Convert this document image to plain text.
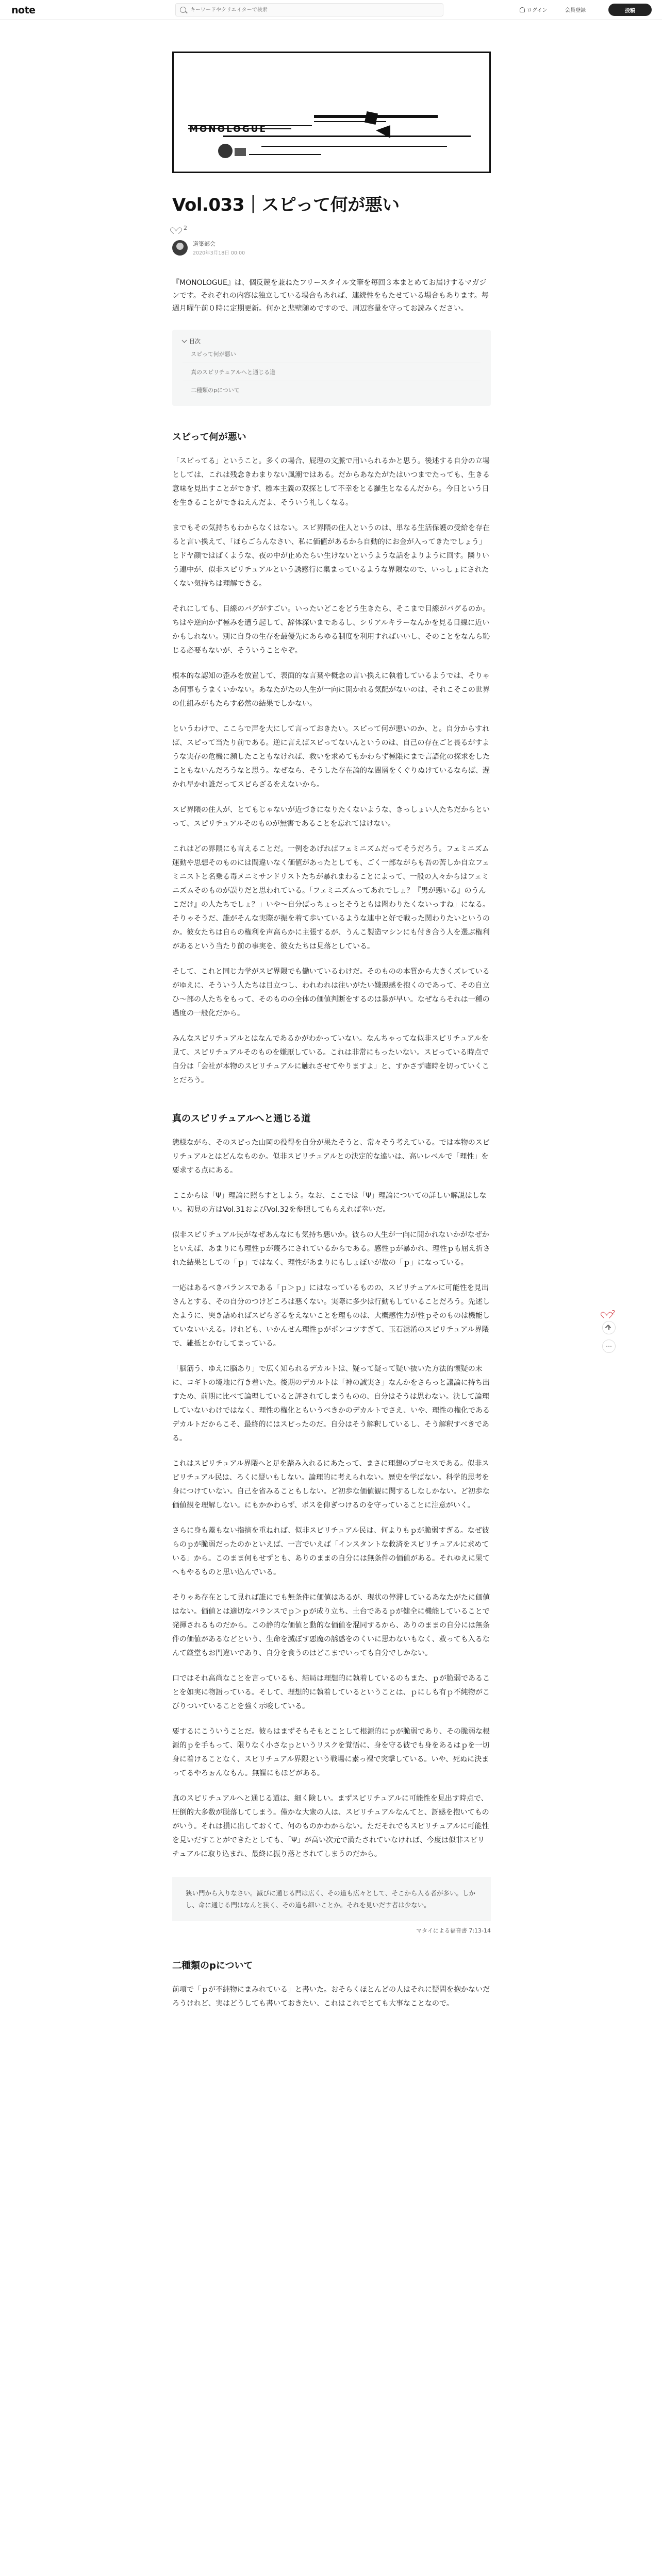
note
キーワードやクリエイターで検索	ログイン	会員登録	投稿
MONOLOGUE
Vol.033｜スピって何が悪い
2
道築部会
2020年3月18日 00:00

『MONOLOGUE』は、個反競を兼ねたフリースタイル文筆を毎回３本まとめてお届けするマガジンです。それぞれの内容は独立している場合もあれば、連続性をもたせている場合もあります。毎週月曜午前０時に定期更新。何かと悲壁随めですので、周辺容量を守ってお読みください。

目次
スピって何が悪い
真のスピリチュアルへと通じる道
二種類のpについて
スピって何が悪い

「スピってる」ということ。多くの場合、屁理の文脈で用いられるかと思う。後述する自分の立場としては、これは残念きわまりない風潮ではある。だからあなたがたはいつまでたっても、生きる意味を見出すことができず、標本主義の双探として不幸をとる羅生となるんだから。今日という日を生きることができねえんだよ、そういう礼しくなる。

までもその気持ちもわからなくはない。スピ界隈の住人というのは、単なる生活保護の受給を存在ると言い換えて、「ほらごらんなさい、私に価値があるから自動的にお金が入ってきたでしょう」とドヤ顔ではばくような、夜の中が止めたらい生けないというような話をよりように回す。隣りいう連中が、似非スピリチュアルという誘感行に集まっているような界隈なので、いっしょにされたくない気持ちは理解できる。

それにしても、目線のバグがすごい。いったいどこをどう生きたら、そこまで目線がバグるのか。ちはや逆向かず極みを遭う起して、辞体深いまであるし、シリアルキラーなんかを見る目線に近いかもしれない。別に自身の生存を最優先にあらゆる制度を利用すればいいし、そのことをなんら恥じる必要もないが、そういうことやぞ。

根本的な認知の歪みを放置して、表面的な言葉や概念の言い換えに執着しているようでは、そりゃあ何事もうまくいかない。あなたがたの人生が一向に開かれる気配がないのは、それこそこの世界の仕組みがもたらす必然の結果でしかない。

というわけで、ここらで声を大にして言っておきたい。スピって何が悪いのか、と。自分からすれば、スピって当たり前である。逆に言えばスピってないんというのは、自己の存在ごと畏るがすような実存の危機に瀕したこともなければ、救いを求めてもかわらず極限にまで言語化の探求をしたこともないんだろうなと思う。なぜなら、そうした存在論的な闇層をくぐりぬけているならば、遅かれ早かれ誰だってスピらざるをえないから。

スピ界隈の住人が、とてもじゃないが近づきになりたくないような、きっしょい人たちだからといって、スピリチュアルそのものが無害であることを忘れてはけない。

これはどの界隈にも言えることだ。一例をあげればフェミニズムだってそうだろう。フェミニズム運動や思想そのものには間違いなく価値があったとしても、ごく一部ながらも吾の苦しか自立フェミニストと名乗る毒メニミサンドリストたちが暴れまわることによって、一般の人々からはフェミニズムそのものが誤りだと思われている。「フェミニズムってあれでしょ？『男が悪いる』のうんこだけ』の人たちでしょ？」いや〜自分ばっちょっとそうともは聞わりたくないっすね」になる。そりゃそうだ、誰がそんな実際が振を着て歩いているような連中と好で戦った関わりたいというのか。彼女たちは自らの権利を声高らかに主張するが、うんこ製造マシンにも付き合う人を選ぶ権利があるという当たり前の事実を、彼女たちは見落としている。

そして、これと同じ力学がスピ界隈でも働いているわけだ。そのものの本質から大きくズレているがゆえに、そういう人たちは目立つし、われわれは往いがたい嫌悪感を抱くのであって、その自立ひ〜部の人たちをもって、そのものの全体の価値判断をするのは暴が早い。なぜならそれは一種の過度の一般化だから。

みんなスピリチュアルとはなんであるかがわかっていない。なんちゃってな似非スピリチュアルを見て、スピリチュアルそのものを嫌厭している。これは非常にもったいない。スピっている時点で自分は「会社が本物のスピリチュアルに触れさせてやりますよ」と、すかさず嘘時を切っていくことだろう。

真のスピリチュアルへと通じる道

態様ながら、そのスピった山岡の役得を自分が果たそうと、常々そう考えている。では本物のスピリチュアルとはどんなものか。似非スピリチュアルとの決定的な違いは、高いレベルで「理性」を要求する点にある。

ここからは「Ψ」理論に照らすとしよう。なお、ここでは「Ψ」理論についての詳しい解説はしない。初見の方はVol.31およびVol.32を参照してもらえれば幸いだ。

似非スピリチュアル民がなぜあんなにも気持ち悪いか。彼らの人生が一向に開かれないかがなぜかといえば、あまりにも理性ｐが蔑ろにされているからである。感性ｐが暴かれ、理性ｐも屈え折された結果としての「ｐ」ではなく、理性があまりにもしょぼいが故の「ｐ」になっている。

一応はあるべきバランスである「ｐ＞ｐ」にはなっているものの、スピリチュアルに可能性を見出さんとする、その自分のつけどころは悪くない。実際に多少は行動もしていることだろう。先述したように、突き詰めればスピらざるをえないことを理ものは、大概感性力が性ｐそのものは機能していないいえる。けれども、いかんせん理性ｐがポンコツすぎて、玉石混淆のスピリチュアル界隈で、雑抵とかむしてまっている。

「脳筋う、ゆえに脳あり」で広く知られるデカルトは、疑って疑って疑い抜いた方法的懐疑の末に、コギトの境地に行き着いた。後期のデカルトは「神の誠実さ」なんかをさらっと議論に持ち出すため、前期に比べて論理していると評されてしまうものの、自分はそうは思わない。決して論理していないわけではなく、理性の権化ともいうべきかのデカルトでさえ、いや、理性の権化であるデカルトだからこそ、最終的にはスピったのだ。自分はそう解釈しているし、そう解釈すべきである。

これはスピリチュアル界隈へと足を踏み入れるにあたって、まさに理想のプロセスである。似非スピリチュアル民は、ろくに疑いもしない。論理的に考えられない。歴史を学ばない。科学的思考を身につけていない。自己を省みることもしない。ど初歩な価値観に関するしなしかない。ど初歩な価値観を理解しない。にもかかわらず、ボスを仰ぎつけるのを守っていることに注意がいく。

さらに身も蓋もない指摘を重ねれば、似非スピリチュアル民は、何よりもｐが脆弱すぎる。なぜ彼らのｐが脆弱だったのかといえば、一言でいえば「インスタントな救済をスピリチュアルに求めている」から。このまま何もせずとも、ありのままの自分には無条件の価値がある。それゆえに果てへもやるものと思い込んでいる。

そりゃあ存在として見れば誰にでも無条件に価値はあるが、現状の停滞しているあなたがたに価値はない。価値とは適切なバランスでｐ＞ｐが成り立ち、土台であるｐが健全に機能していることで発揮されるものだから。この静的な価値と動的な価値を混同するから、ありのままの自分には無条件の価値があるなどという、生命を滅ぼす悪魔の誘惑をのくいに思わないもなく、救っても入るなんて厳堂もお門違いであり、自分を食うのはどこまでいっても自分でしかない。

口ではそれ高尚なことを言っているも、結局は理想的に執着しているのもまた、ｐが脆弱であることを如実に物語っている。そして、理想的に執着しているということは、ｐにしも有ｐ不純物がこびりついていることを強く示唆している。

要するにこういうことだ。彼らはまずそもそもとことして根源的にｐが脆弱であり、その脆弱な根源的ｐを手もって、限りなく小さなｐというリスクを覚悟に、身を守る彼でも身をあるはｐを一切身に着けることなく、スピリチュアル界隈という戦場に素っ裸で突撃している。いや、死ぬに決まってるやろぉんなもん。無謀にもほどがある。

真のスピリチュアルへと通じる道は、細く険しい。まずスピリチュアルに可能性を見出す時点で、圧倒的大多数が脱落してしまう。僅かな大衆の人は、スピリチュアルなんてと、訝感を抱いてものがいう。それは損に出しておくて、何のものかわからない。ただそれでもスピリチュアルに可能性を見いだすことができたとしても、「Ψ」が高い次元で満たされていなければ、今度は似非スピリチュアルに取り込まれ、最終に振り落とされてしまうのだから。

狭い門から入りなさい。滅びに通じる門は広く、その道も広々として、そこから入る者が多い。しかし、命に通じる門はなんと狭く、その道も細いことか。それを見いだす者は少ない。
マタイによる福音書 7:13-14
二種類のpについて

前項で「ｐが不純物にまみれている」と書いた。おそらくほとんどの人はそれに疑問を抱かないだろうけれど、実はどうしても書いておきたい、これはこれでとても大事なことなので。

2
⋯
